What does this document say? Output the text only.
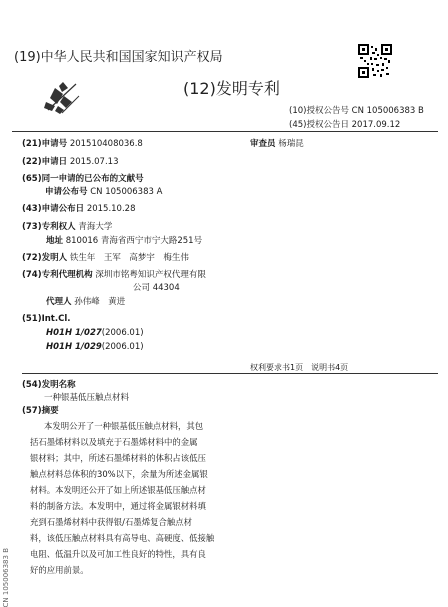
(19)中华人民共和国国家知识产权局
(12)发明专利
(10)授权公告号 CN 105006383 B
(45)授权公告日 2017.09.12
(21)申请号 201510408036.8	审查员 杨瑞昆
(22)申请日 2015.07.13
(65)同一申请的已公布的文献号
申请公布号 CN 105006383 A
(43)申请公布日 2015.10.28
(73)专利权人 青海大学
地址 810016 青海省西宁市宁大路251号
(72)发明人 铁生年　王军　高梦宇　梅生伟
(74)专利代理机构 深圳市铭粤知识产权代理有限
公司 44304
代理人 孙伟峰　黄进
(51)Int.Cl.
H01H 1/027(2006.01)
H01H 1/029(2006.01)
权利要求书1页　说明书4页
(54)发明名称
一种银基低压触点材料
(57)摘要
本发明公开了一种银基低压触点材料，其包
括石墨烯材料以及填充于石墨烯材料中的金属
银材料；其中，所述石墨烯材料的体积占该低压
触点材料总体积的30%以下，余量为所述金属银
材料。本发明还公开了如上所述银基低压触点材
料的制备方法。本发明中，通过将金属银材料填
充到石墨烯材料中获得银/石墨烯复合触点材
料，该低压触点材料具有高导电、高硬度、低接触
电阻、低温升以及可加工性良好的特性，具有良
好的应用前景。
CN 105006383 B
